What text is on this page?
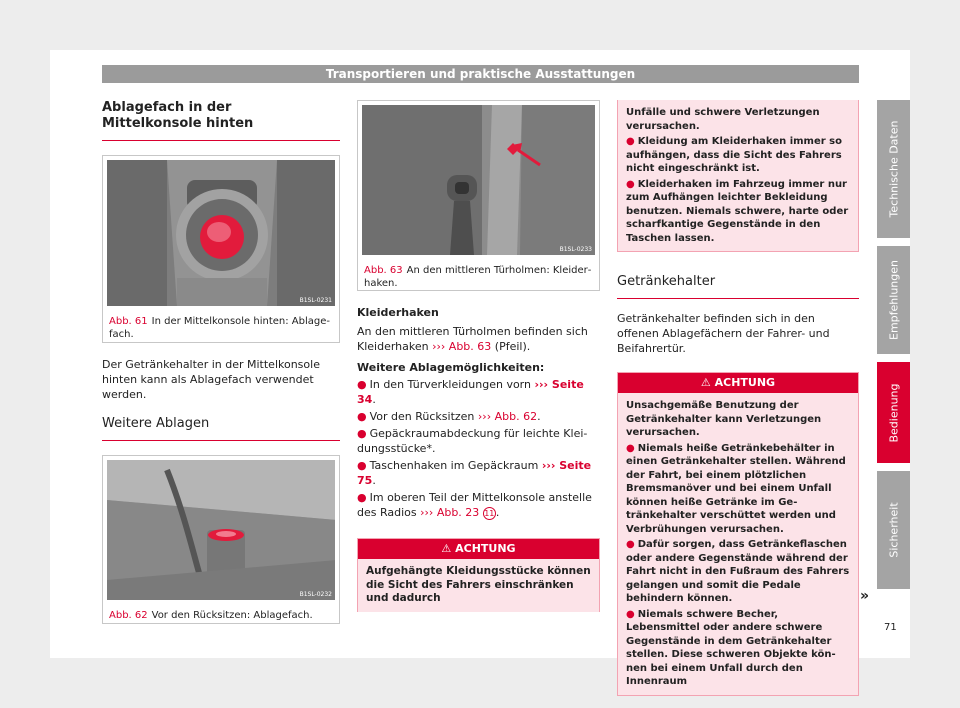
Transportieren und praktische Ausstattungen
Ablagefach in der Mittelkonsole hinten
B1SL-0231
Abb. 61 In der Mittelkonsole hinten: Ablagefach.

Der Getränkehalter in der Mittelkonsole hinten kann als Ablagefach verwendet werden.

Weitere Ablagen
B1SL-0232
Abb. 62 Vor den Rücksitzen: Ablagefach.
B1SL-0233
Abb. 63 An den mittleren Türholmen: Kleiderhaken.

Kleiderhaken

An den mittleren Türholmen befinden sich Kleiderhaken ››› Abb. 63 (Pfeil).

Weitere Ablagemöglichkeiten:

● In den Türverkleidungen vorn ››› Seite 34.
● Vor den Rücksitzen ››› Abb. 62.
● Gepäckraumabdeckung für leichte Kleidungsstücke*.
● Taschenhaken im Gepäckraum ››› Seite 75.
● Im oberen Teil der Mittelkonsole anstelle des Radios ››› Abb. 23 11.
⚠ ACHTUNG
Aufgehängte Kleidungsstücke können die Sicht des Fahrers einschränken und dadurch
Unfälle und schwere Verletzungen verursachen.
● Kleidung am Kleiderhaken immer so aufhängen, dass die Sicht des Fahrers nicht eingeschränkt ist.
● Kleiderhaken im Fahrzeug immer nur zum Aufhängen leichter Bekleidung benutzen. Niemals schwere, harte oder scharfkantige Gegenstände in den Taschen lassen.
Getränkehalter

Getränkehalter befinden sich in den offenen Ablagefächern der Fahrer- und Beifahrertür.

⚠ ACHTUNG
Unsachgemäße Benutzung der Getränkehalter kann Verletzungen verursachen.
● Niemals heiße Getränkebehälter in einen Getränkehalter stellen. Während der Fahrt, bei einem plötzlichen Bremsmanöver und bei einem Unfall können heiße Getränke im Getränkehalter verschüttet werden und Verbrühungen verursachen.
● Dafür sorgen, dass Getränkeflaschen oder andere Gegenstände während der Fahrt nicht in den Fußraum des Fahrers gelangen und somit die Pedale behindern können.
● Niemals schwere Becher, Lebensmittel oder andere schwere Gegenstände in dem Getränkehalter stellen. Diese schweren Objekte können bei einem Unfall durch den Innenraum
»
Technische Daten
Empfehlungen
Bedienung
Sicherheit
71
